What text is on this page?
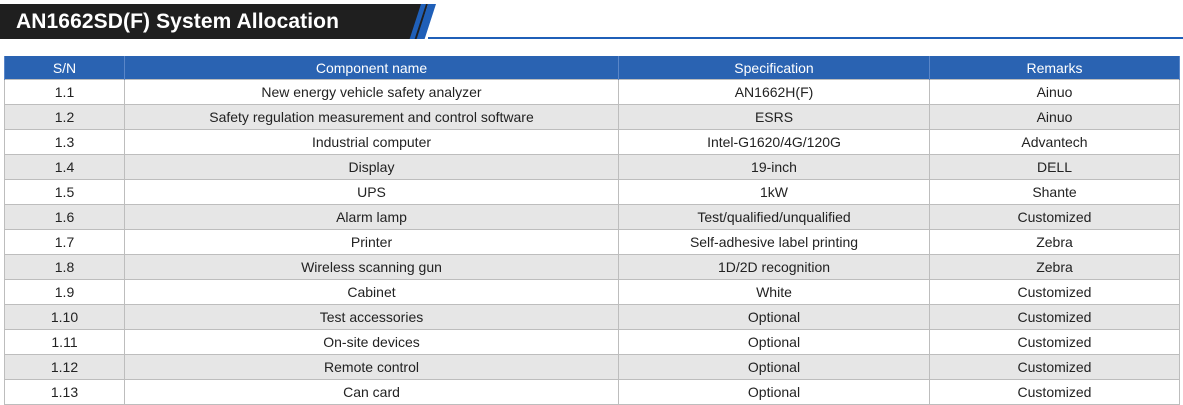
AN1662SD(F) System Allocation
S/N	Component name	Specification	Remarks
1.1	New energy vehicle safety analyzer	AN1662H(F)	Ainuo
1.2	Safety regulation measurement and control software	ESRS	Ainuo
1.3	Industrial computer	Intel-G1620/4G/120G	Advantech
1.4	Display	19-inch	DELL
1.5	UPS	1kW	Shante
1.6	Alarm lamp	Test/qualified/unqualified	Customized
1.7	Printer	Self-adhesive label printing	Zebra
1.8	Wireless scanning gun	1D/2D recognition	Zebra
1.9	Cabinet	White	Customized
1.10	Test accessories	Optional	Customized
1.11	On-site devices	Optional	Customized
1.12	Remote control	Optional	Customized
1.13	Can card	Optional	Customized
